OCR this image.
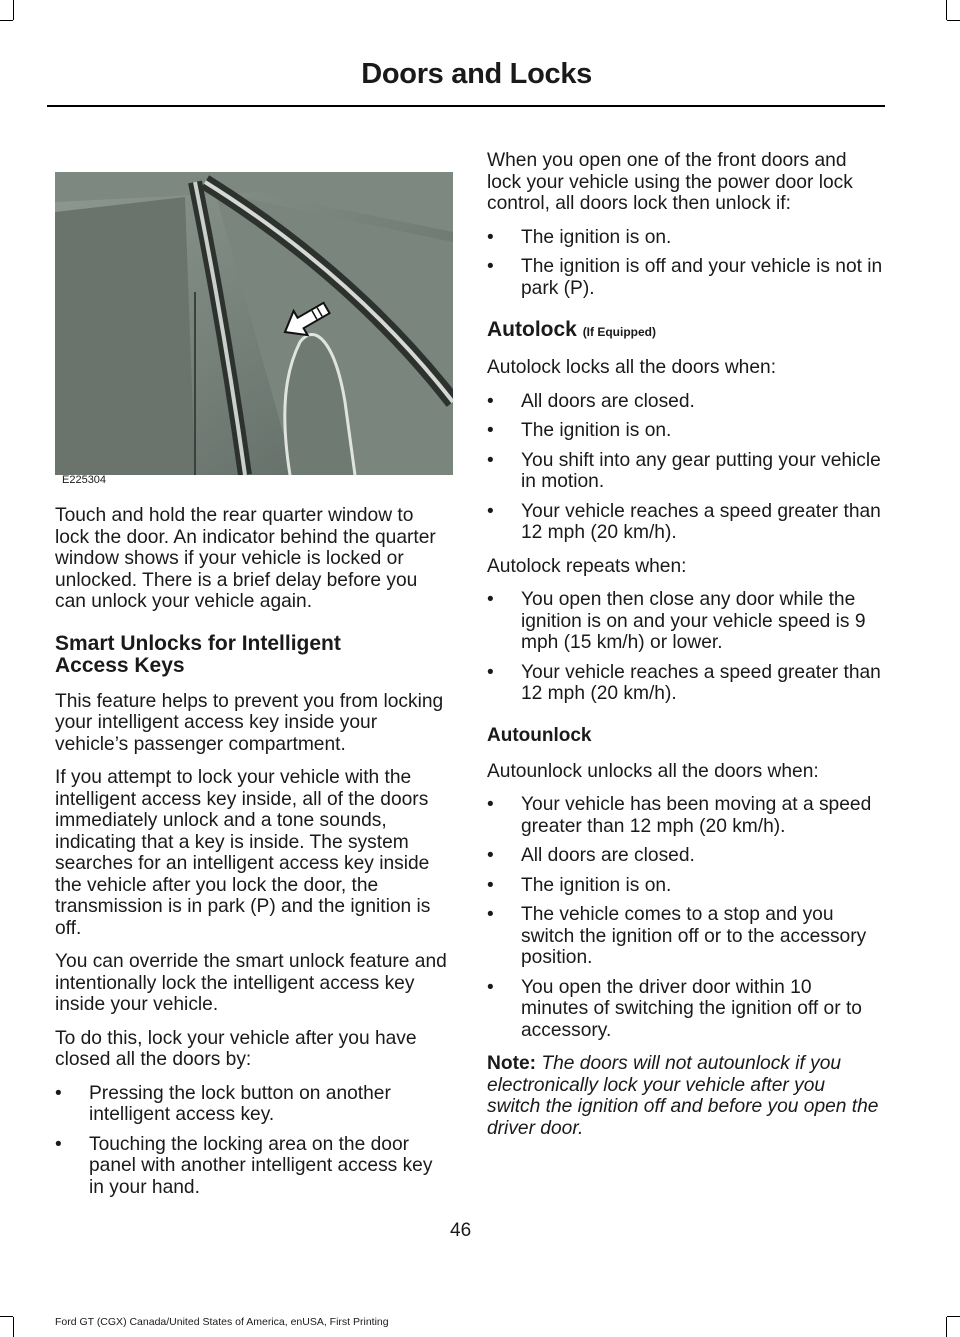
Doors and Locks
E225304

Touch and hold the rear quarter window to lock the door. An indicator behind the quarter window shows if your vehicle is locked or unlocked. There is a brief delay before you can unlock your vehicle again.

Smart Unlocks for Intelligent
Access Keys

This feature helps to prevent you from locking your intelligent access key inside your vehicle’s passenger compartment.

If you attempt to lock your vehicle with the intelligent access key inside, all of the doors immediately unlock and a tone sounds, indicating that a key is inside. The system searches for an intelligent access key inside the vehicle after you lock the door, the transmission is in park (P) and the ignition is off.

You can override the smart unlock feature and intentionally lock the intelligent access key inside your vehicle.

To do this, lock your vehicle after you have closed all the doors by:

• Pressing the lock button on another intelligent access key.
• Touching the locking area on the door panel with another intelligent access key in your hand.

When you open one of the front doors and lock your vehicle using the power door lock control, all doors lock then unlock if:

• The ignition is on.
• The ignition is off and your vehicle is not in park (P).
Autolock (If Equipped)

Autolock locks all the doors when:

• All doors are closed.
• The ignition is on.
• You shift into any gear putting your vehicle in motion.
• Your vehicle reaches a speed greater than 12 mph (20 km/h).

Autolock repeats when:

• You open then close any door while the ignition is on and your vehicle speed is 9 mph (15 km/h) or lower.
• Your vehicle reaches a speed greater than 12 mph (20 km/h).
Autounlock

Autounlock unlocks all the doors when:

• Your vehicle has been moving at a speed greater than 12 mph (20 km/h).
• All doors are closed.
• The ignition is on.
• The vehicle comes to a stop and you switch the ignition off or to the accessory position.
• You open the driver door within 10 minutes of switching the ignition off or to accessory.

Note: The doors will not autounlock if you electronically lock your vehicle after you switch the ignition off and before you open the driver door.

46
Ford GT (CGX) Canada/United States of America, enUSA, First Printing
